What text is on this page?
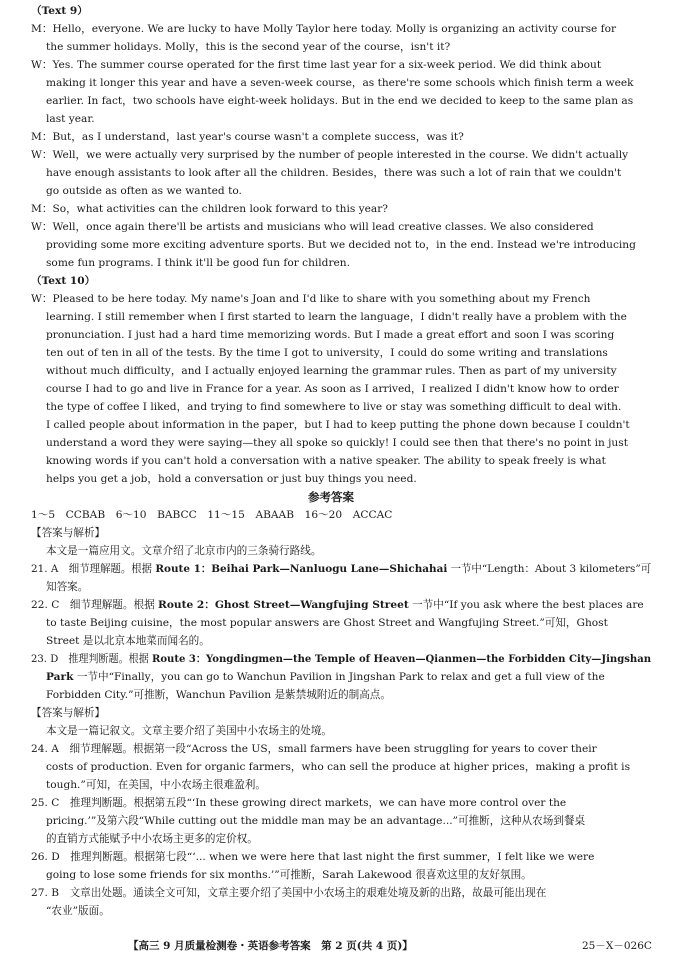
（Text 9）
M：Hello，everyone. We are lucky to have Molly Taylor here today. Molly is organizing an activity course for
the summer holidays. Molly，this is the second year of the course，isn't it?
W：Yes. The summer course operated for the first time last year for a six-week period. We did think about
making it longer this year and have a seven-week course，as there're some schools which finish term a week
earlier. In fact，two schools have eight-week holidays. But in the end we decided to keep to the same plan as
last year.
M：But，as I understand，last year's course wasn't a complete success，was it?
W：Well，we were actually very surprised by the number of people interested in the course. We didn't actually
have enough assistants to look after all the children. Besides，there was such a lot of rain that we couldn't
go outside as often as we wanted to.
M：So，what activities can the children look forward to this year?
W：Well，once again there'll be artists and musicians who will lead creative classes. We also considered
providing some more exciting adventure sports. But we decided not to，in the end. Instead we're introducing
some fun programs. I think it'll be good fun for children.
（Text 10）
W：Pleased to be here today. My name's Joan and I'd like to share with you something about my French
learning. I still remember when I first started to learn the language，I didn't really have a problem with the
pronunciation. I just had a hard time memorizing words. But I made a great effort and soon I was scoring
ten out of ten in all of the tests. By the time I got to university，I could do some writing and translations
without much difficulty，and I actually enjoyed learning the grammar rules. Then as part of my university
course I had to go and live in France for a year. As soon as I arrived，I realized I didn't know how to order
the type of coffee I liked，and trying to find somewhere to live or stay was something difficult to deal with.
I called people about information in the paper，but I had to keep putting the phone down because I couldn't
understand a word they were saying—they all spoke so quickly! I could see then that there's no point in just
knowing words if you can't hold a conversation with a native speaker. The ability to speak freely is what
helps you get a job，hold a conversation or just buy things you need.
参考答案
1～5　CCBAB　6～10　BABCC　11～15　ABAAB　16～20　ACCAC
【答案与解析】
本文是一篇应用文。文章介绍了北京市内的三条骑行路线。
21. A　细节理解题。根据 Route 1：Beihai Park—Nanluogu Lane—Shichahai 一节中“Length：About 3 kilometers”可
知答案。
22. C　细节理解题。根据 Route 2：Ghost Street—Wangfujing Street 一节中“If you ask where the best places are
to taste Beijing cuisine，the most popular answers are Ghost Street and Wangfujing Street.”可知，Ghost
Street 是以北京本地菜而闻名的。
23. D　推理判断题。根据 Route 3：Yongdingmen—the Temple of Heaven—Qianmen—the Forbidden City—Jingshan
Park 一节中“Finally，you can go to Wanchun Pavilion in Jingshan Park to relax and get a full view of the
Forbidden City.”可推断，Wanchun Pavilion 是紫禁城附近的制高点。
【答案与解析】
本文是一篇记叙文。文章主要介绍了美国中小农场主的处境。
24. A　细节理解题。根据第一段“Across the US，small farmers have been struggling for years to cover their
costs of production. Even for organic farmers，who can sell the produce at higher prices，making a profit is
tough.”可知，在美国，中小农场主很难盈利。
25. C　推理判断题。根据第五段“‘In these growing direct markets，we can have more control over the
pricing.’”及第六段“While cutting out the middle man may be an advantage...”可推断，这种从农场到餐桌
的直销方式能赋予中小农场主更多的定价权。
26. D　推理判断题。根据第七段“‘... when we were here that last night the first summer，I felt like we were
going to lose some friends for six months.’”可推断，Sarah Lakewood 很喜欢这里的友好氛围。
27. B　文章出处题。通读全文可知，文章主要介绍了美国中小农场主的艰难处境及新的出路，故最可能出现在
“农业”版面。
【高三 9 月质量检测卷・英语参考答案　第 2 页(共 4 页)】	25－X－026C
